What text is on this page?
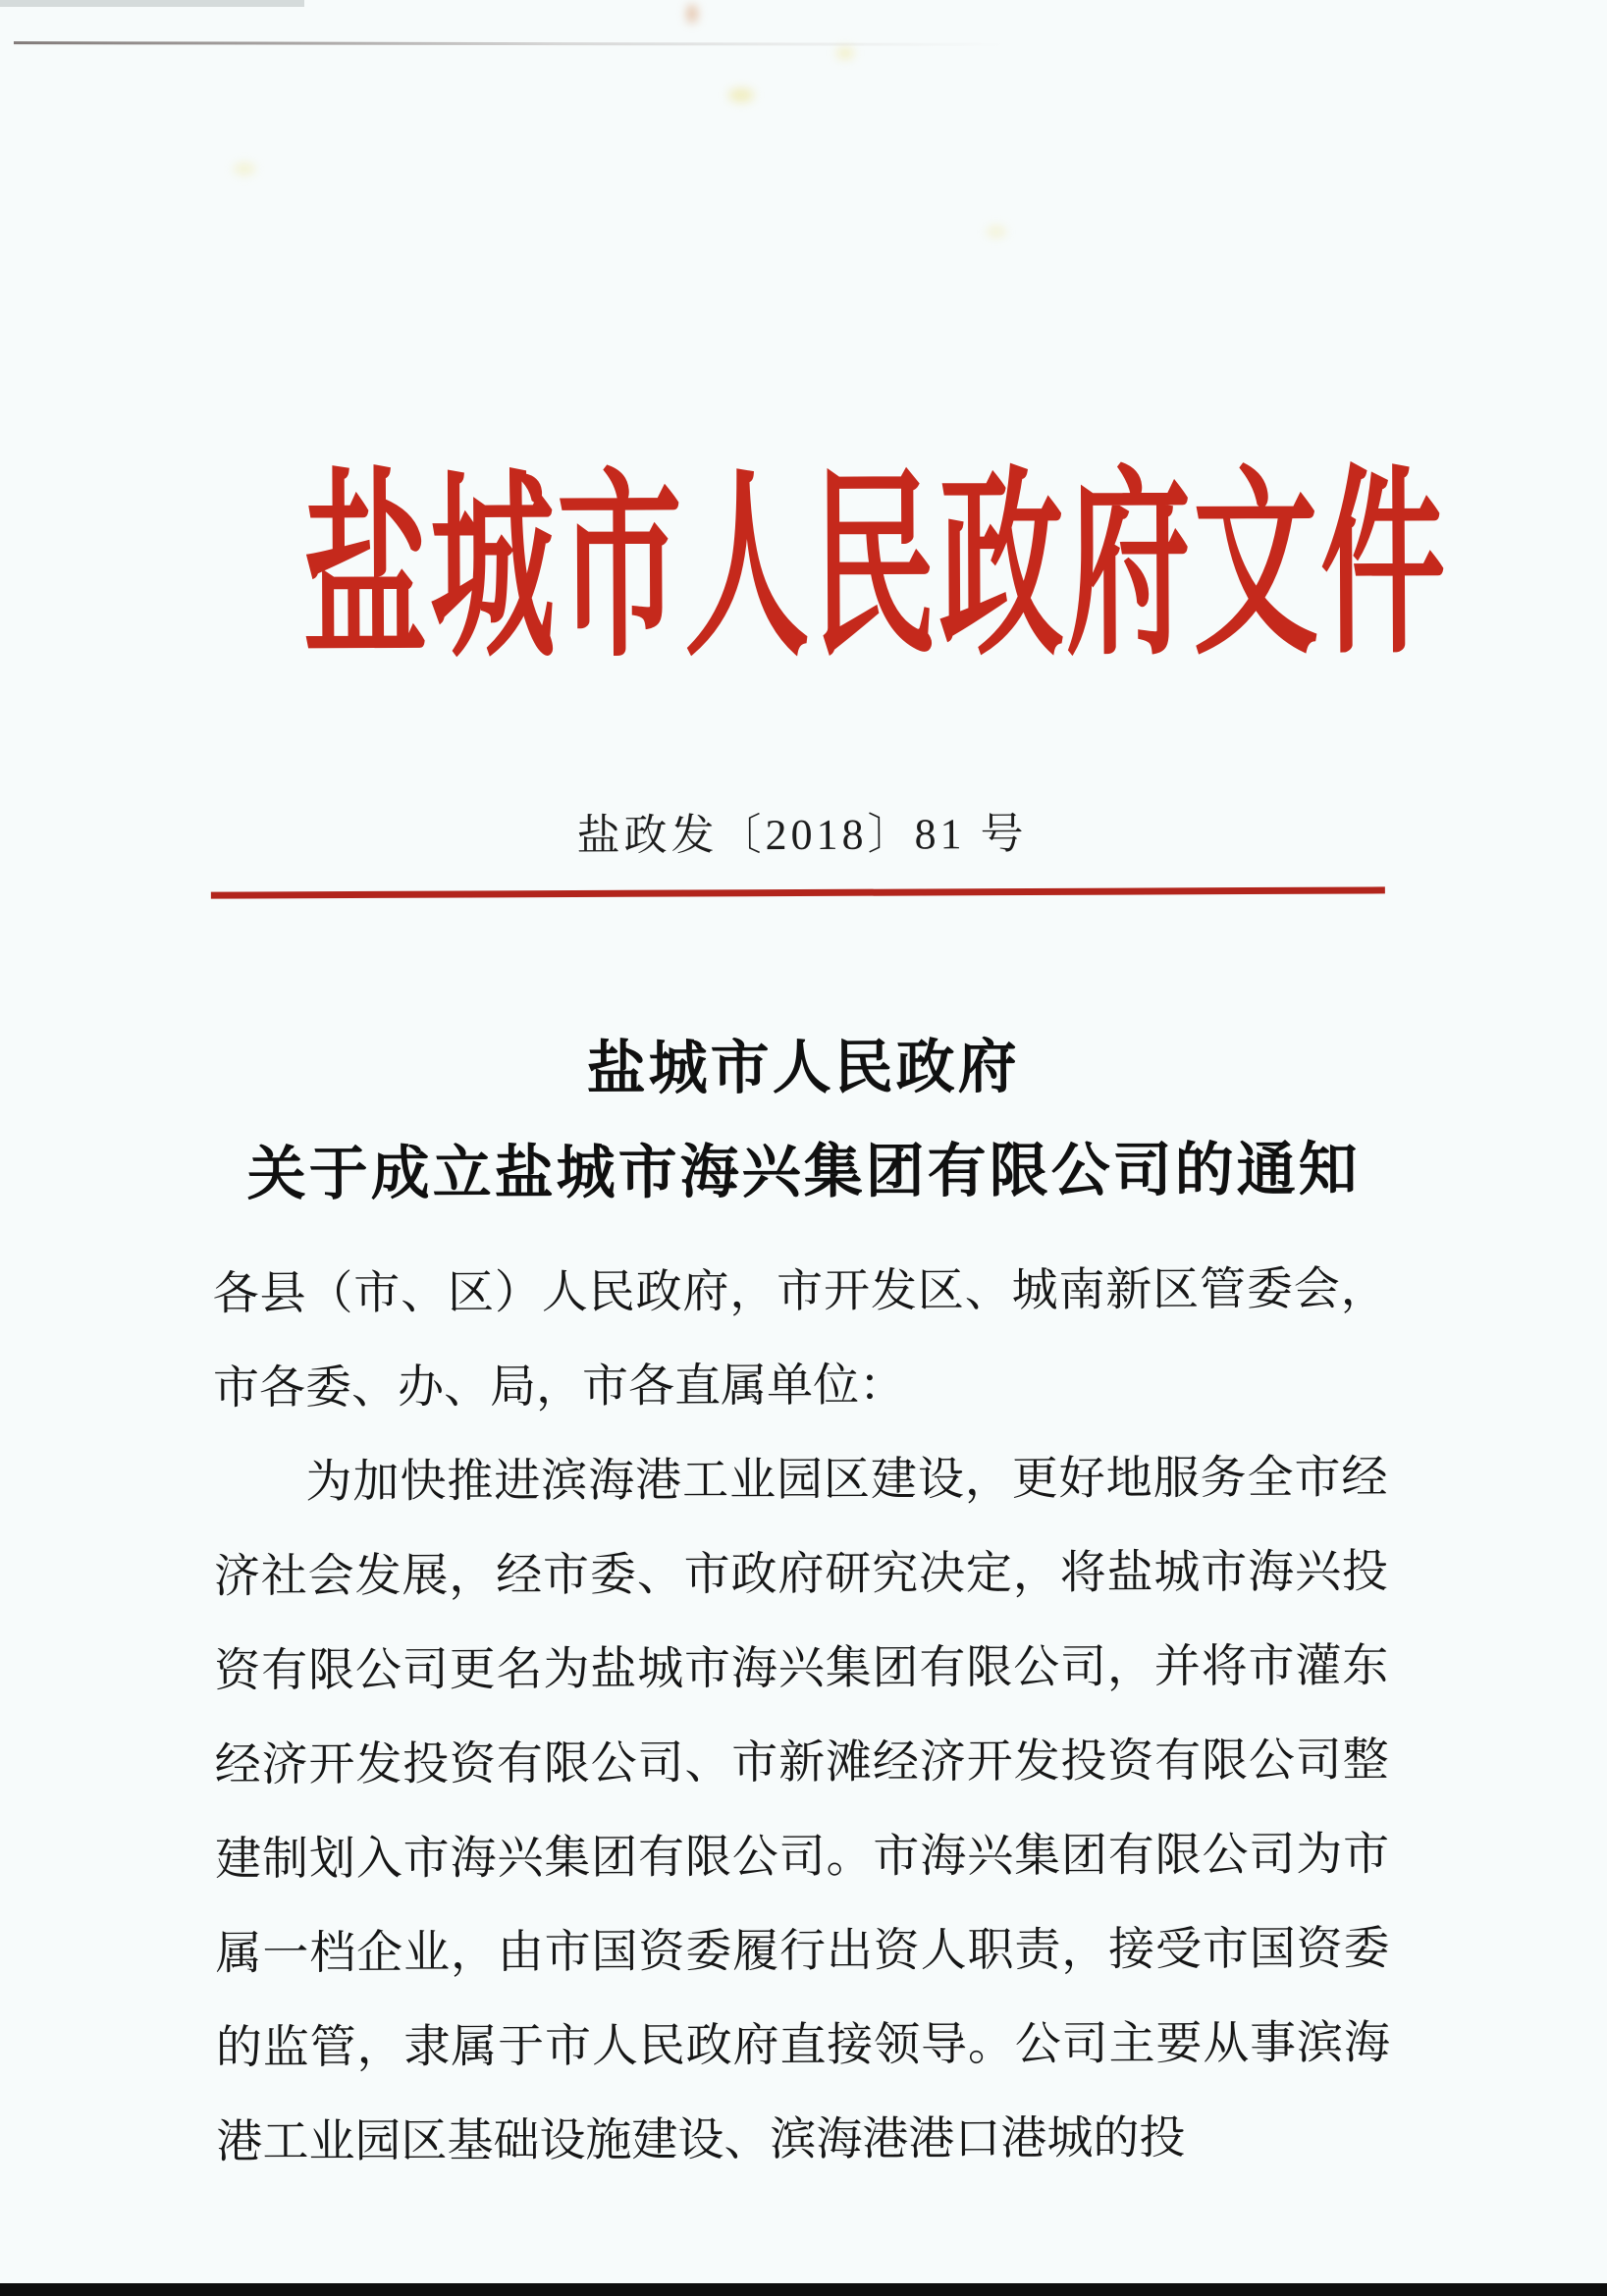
盐城市人民政府文件
盐政发〔2018〕81 号
盐城市人民政府
关于成立盐城市海兴集团有限公司的通知

各县（市、区）人民政府，市开发区、城南新区管委会，市各委、办、局，市各直属单位：

为加快推进滨海港工业园区建设，更好地服务全市经济社会发展，经市委、市政府研究决定，将盐城市海兴投资有限公司更名为盐城市海兴集团有限公司，并将市灌东经济开发投资有限公司、市新滩经济开发投资有限公司整建制划入市海兴集团有限公司。市海兴集团有限公司为市属一档企业，由市国资委履行出资人职责，接受市国资委的监管，隶属于市人民政府直接领导。公司主要从事滨海港工业园区基础设施建设、滨海港港口港城的投
